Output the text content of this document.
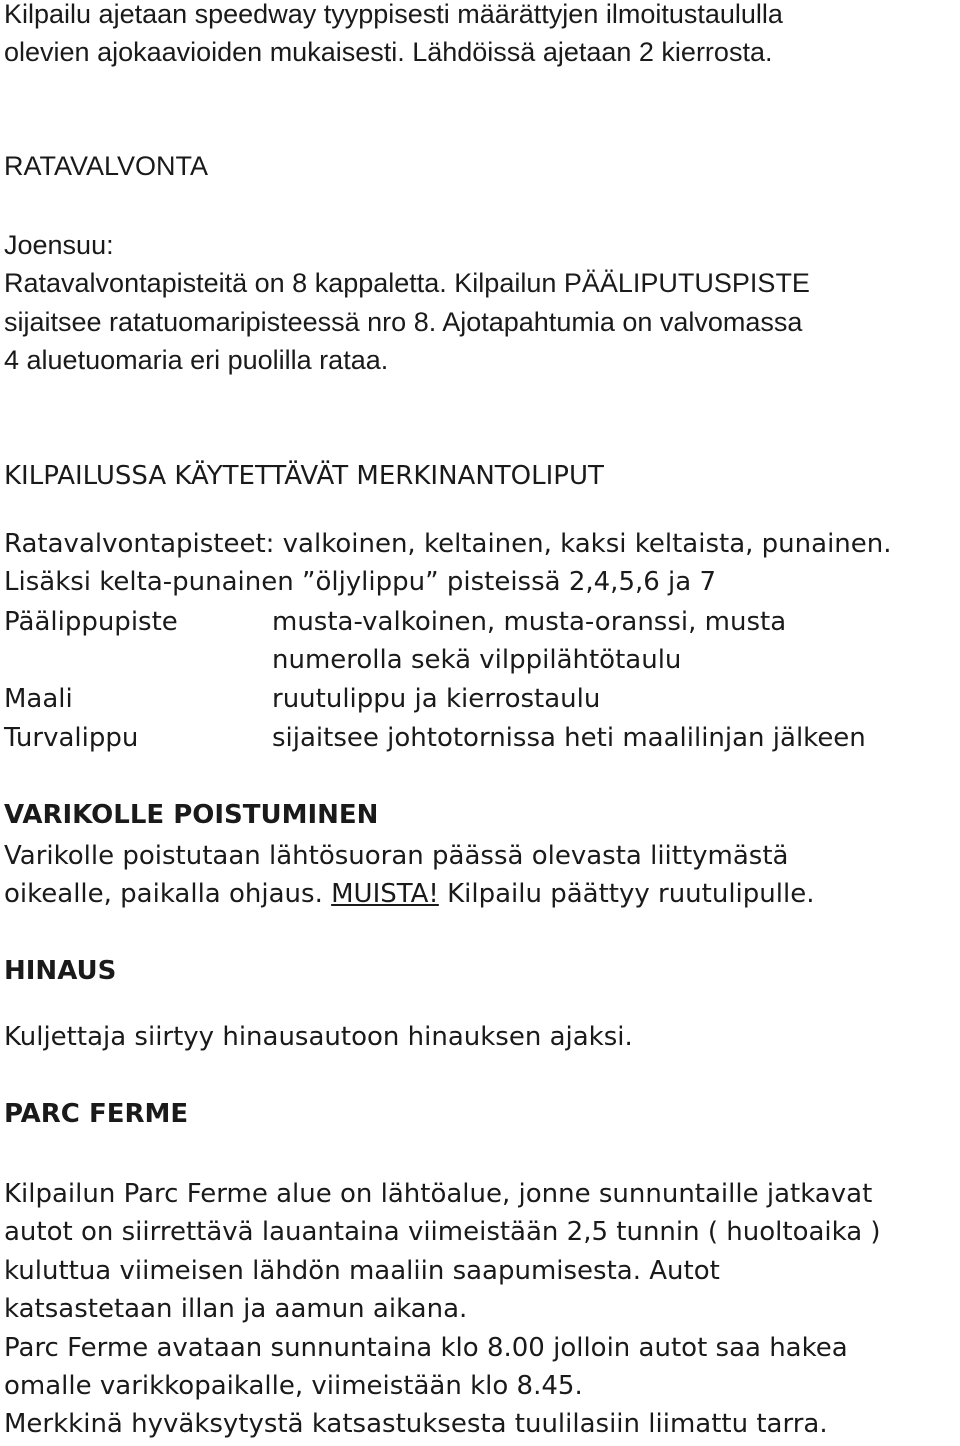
Kilpailu ajetaan speedway tyyppisesti määrättyjen ilmoitustaululla
olevien ajokaavioiden mukaisesti. Lähdöissä ajetaan 2 kierrosta.
RATAVALVONTA
Joensuu:
Ratavalvontapisteitä on 8 kappaletta. Kilpailun PÄÄLIPUTUSPISTE
sijaitsee ratatuomaripisteessä nro 8. Ajotapahtumia on valvomassa
4 aluetuomaria eri puolilla rataa.
KILPAILUSSA KÄYTETTÄVÄT MERKINANTOLIPUT
Ratavalvontapisteet: valkoinen, keltainen, kaksi keltaista, punainen.
Lisäksi kelta-punainen ”öljylippu” pisteissä 2,4,5,6 ja 7
Päälippupiste	musta-valkoinen, musta-oranssi, musta
numerolla sekä vilppilähtötaulu
Maali	ruutulippu ja kierrostaulu
Turvalippu	sijaitsee johtotornissa heti maalilinjan jälkeen
VARIKOLLE POISTUMINEN
Varikolle poistutaan lähtösuoran päässä olevasta liittymästä
oikealle, paikalla ohjaus. MUISTA! Kilpailu päättyy ruutulipulle.
HINAUS
Kuljettaja siirtyy hinausautoon hinauksen ajaksi.
PARC FERME
Kilpailun Parc Ferme alue on lähtöalue, jonne sunnuntaille jatkavat
autot on siirrettävä lauantaina viimeistään 2,5 tunnin ( huoltoaika )
kuluttua viimeisen lähdön maaliin saapumisesta. Autot
katsastetaan illan ja aamun aikana.
Parc Ferme avataan sunnuntaina klo 8.00 jolloin autot saa hakea
omalle varikkopaikalle, viimeistään klo 8.45.
Merkkinä hyväksytystä katsastuksesta tuulilasiin liimattu tarra.
